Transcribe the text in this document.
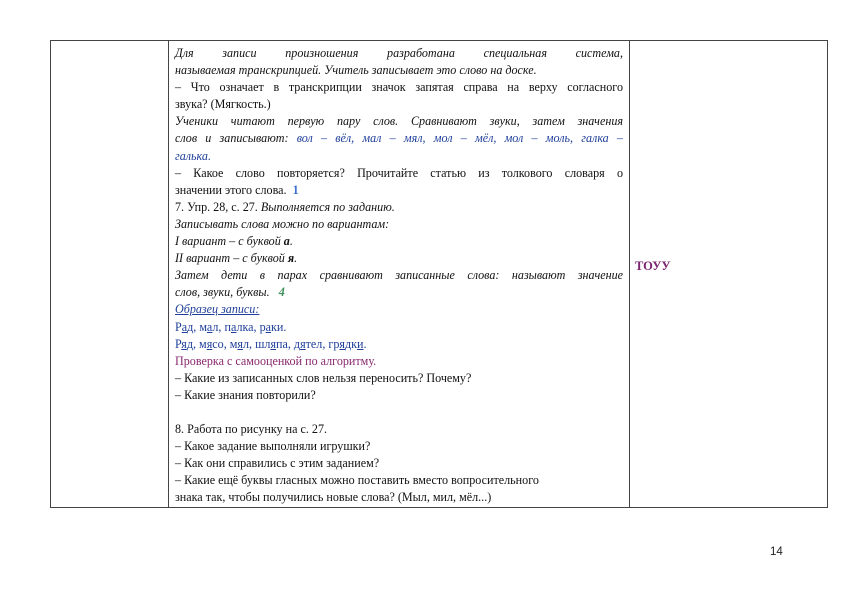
Для записи произношения разработана специальная система,

называемая транскрипцией. Учитель записывает это слово на доске.

– Что означает в транскрипции значок запятая справа на верху согласного

звука? (Мягкость.)

Ученики читают первую пару слов. Сравнивают звуки, затем значения

слов и записывают: вол – вёл, мал – мял, мол – мёл, мол – моль, галка –

галька.

– Какое слово повторяется? Прочитайте статью из толкового словаря о

значении этого слова. 1

7. Упр. 28, с. 27. Выполняется по заданию.

Записывать слова можно по вариантам:

I вариант – с буквой а.

II вариант – с буквой я.

Затем дети в парах сравнивают записанные слова: называют значение

слов, звуки, буквы. 4

Образец записи:

Рад, мал, палка, раки.

Ряд, мясо, мял, шляпа, дятел, грядки.

Проверка с самооценкой по алгоритму.

– Какие из записанных слов нельзя переносить? Почему?

– Какие знания повторили?

8. Работа по рисунку на с. 27.

– Какое задание выполняли игрушки?

– Как они справились с этим заданием?

– Какие ещё буквы гласных можно поставить вместо вопросительного

знака так, чтобы получились новые слова? (Мыл, мил, мёл...)

ТОУУ
14
